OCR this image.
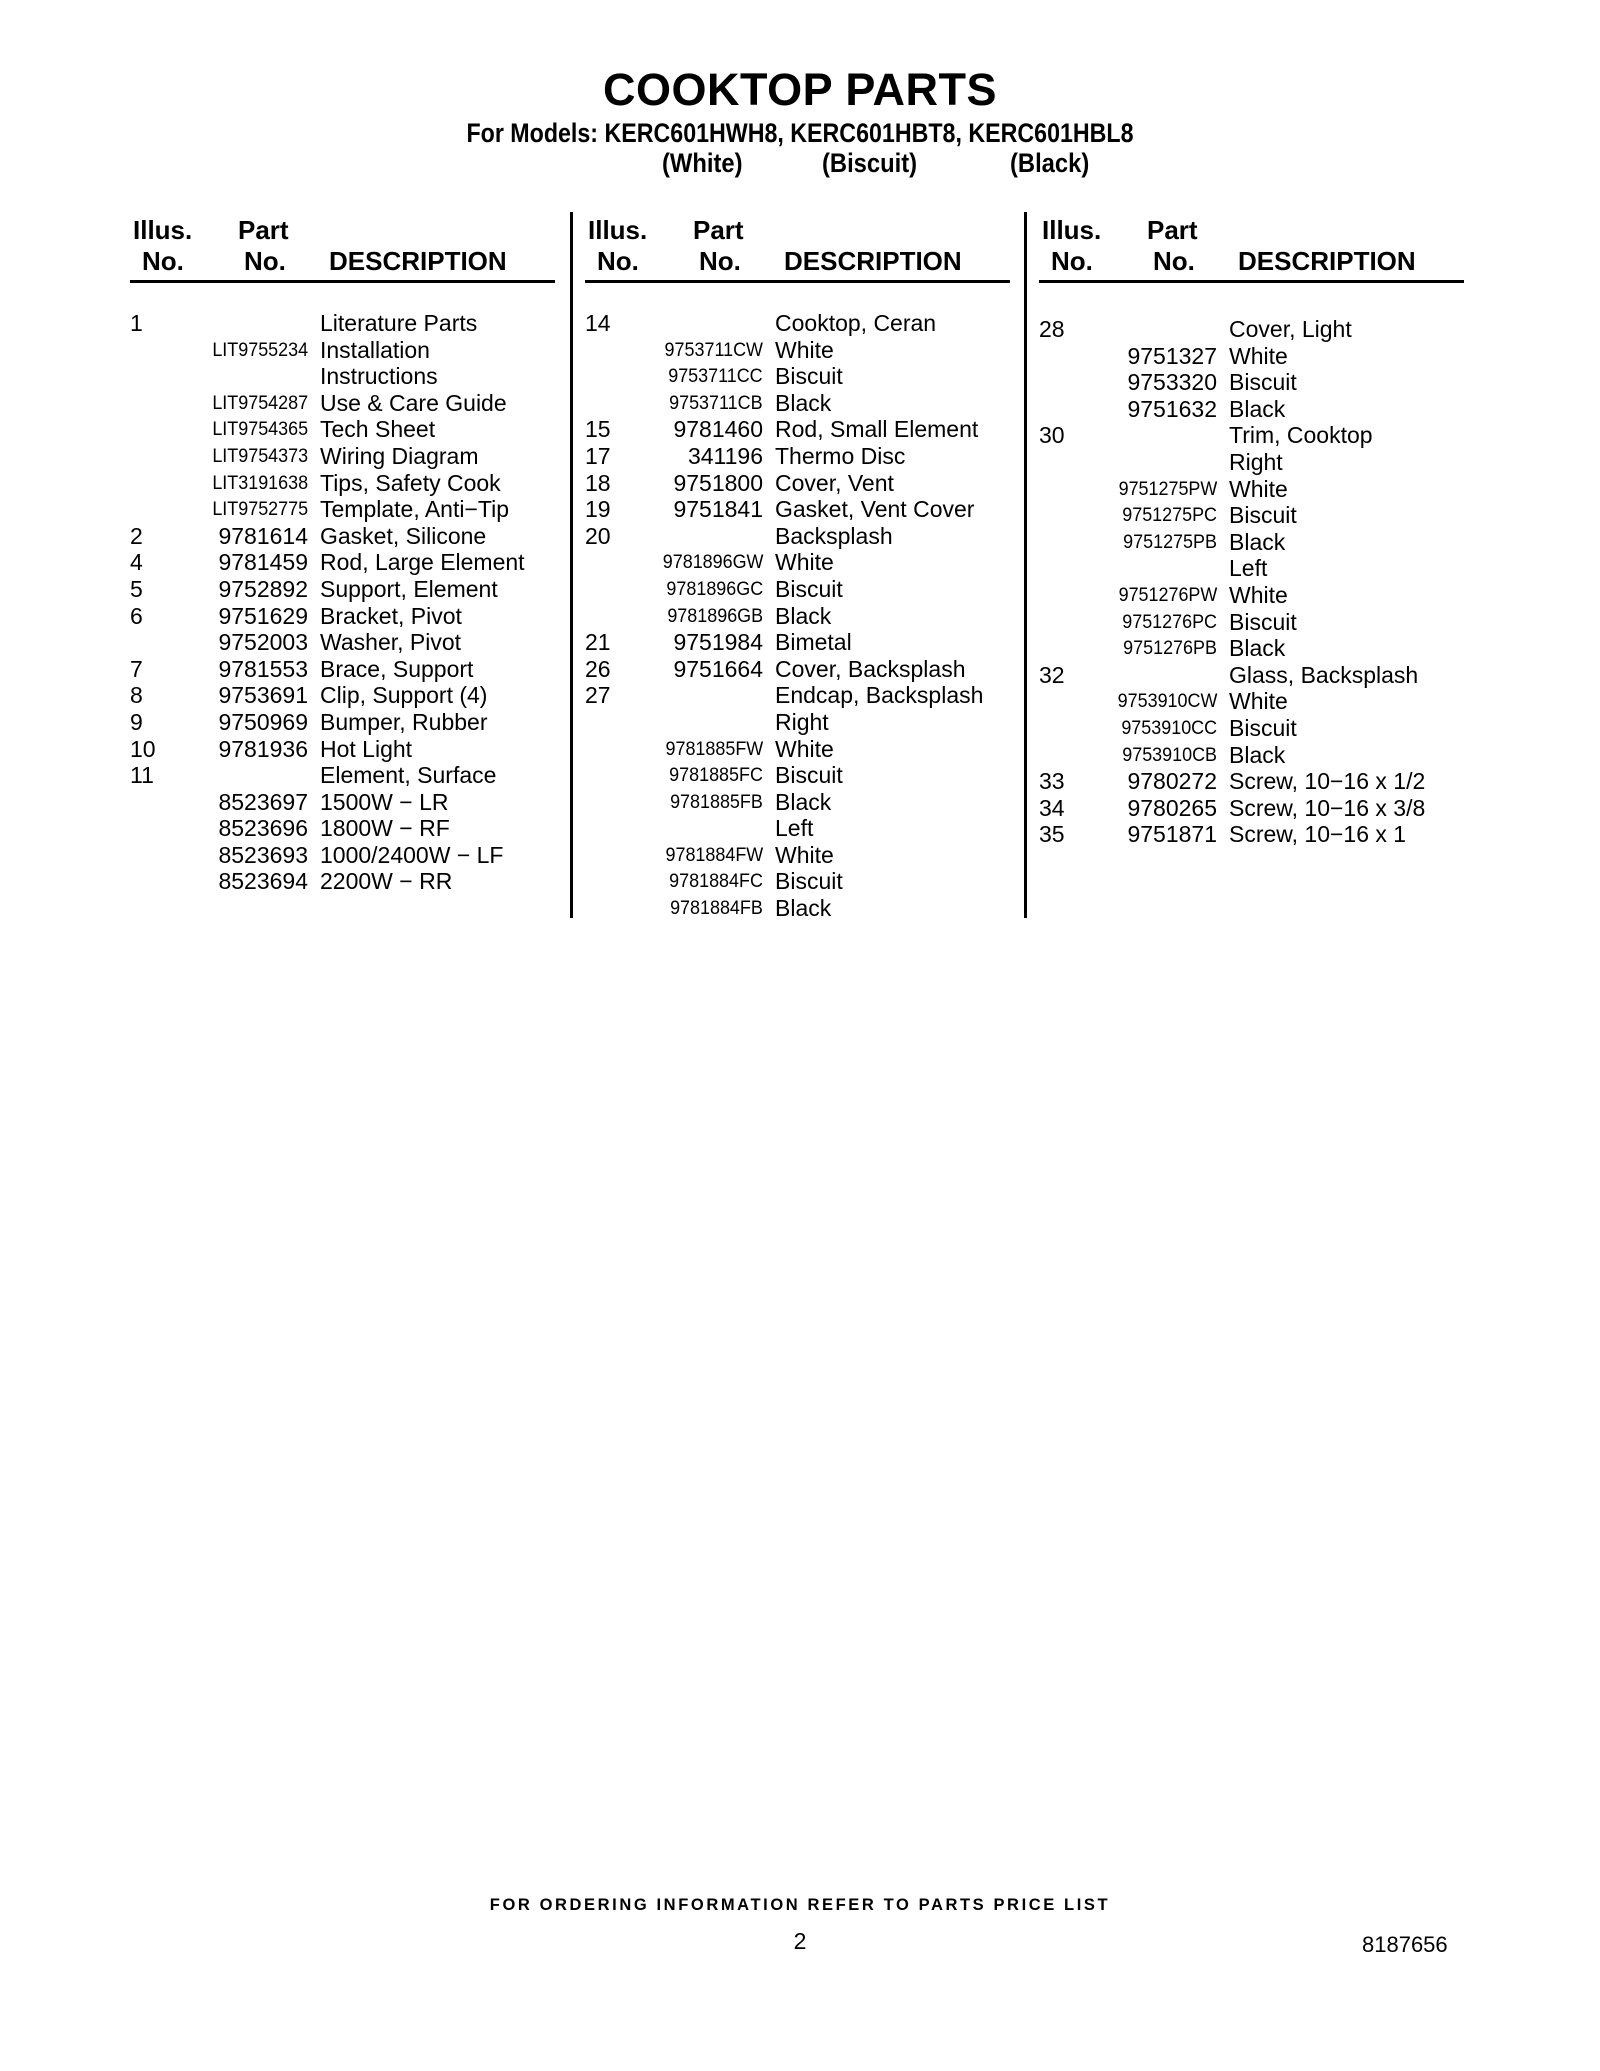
COOKTOP PARTS
For Models: KERC601HWH8, KERC601HBT8, KERC601HBL8
(White)	(Biscuit)	(Black)
Illus.
No.
Part
No. DESCRIPTION
1	Literature Parts
LIT9755234 Installation
Instructions
LIT9754287 Use & Care Guide
LIT9754365 Tech Sheet
LIT9754373 Wiring Diagram
LIT3191638 Tips, Safety Cook
LIT9752775 Template, Anti−Tip
2	9781614 Gasket, Silicone
4	9781459 Rod, Large Element
5	9752892 Support, Element
6	9751629 Bracket, Pivot
9752003 Washer, Pivot
7	9781553 Brace, Support
8	9753691 Clip, Support (4)
9	9750969 Bumper, Rubber
10	9781936 Hot Light
11	Element, Surface
8523697 1500W − LR
8523696 1800W − RF
8523693 1000/2400W − LF
8523694 2200W − RR
Illus.
No.
Part
No. DESCRIPTION
14	Cooktop, Ceran
9753711CW White
9753711CC Biscuit
9753711CB Black
15	9781460 Rod, Small Element
17	341196 Thermo Disc
18	9751800 Cover, Vent
19	9751841 Gasket, Vent Cover
20	Backsplash
9781896GW White
9781896GC Biscuit
9781896GB Black
21	9751984 Bimetal
26	9751664 Cover, Backsplash
27	Endcap, Backsplash
Right
9781885FW White
9781885FC Biscuit
9781885FB Black
Left
9781884FW White
9781884FC Biscuit
9781884FB Black
Illus.
No.
Part
No. DESCRIPTION
28	Cover, Light
9751327 White
9753320 Biscuit
9751632 Black
30	Trim, Cooktop
Right
9751275PW White
9751275PC Biscuit
9751275PB Black
Left
9751276PW White
9751276PC Biscuit
9751276PB Black
32	Glass, Backsplash
9753910CW White
9753910CC Biscuit
9753910CB Black
33	9780272 Screw, 10−16 x 1/2
34	9780265 Screw, 10−16 x 3/8
35	9751871 Screw, 10−16 x 1
FOR ORDERING INFORMATION REFER TO PARTS PRICE LIST
2	8187656
